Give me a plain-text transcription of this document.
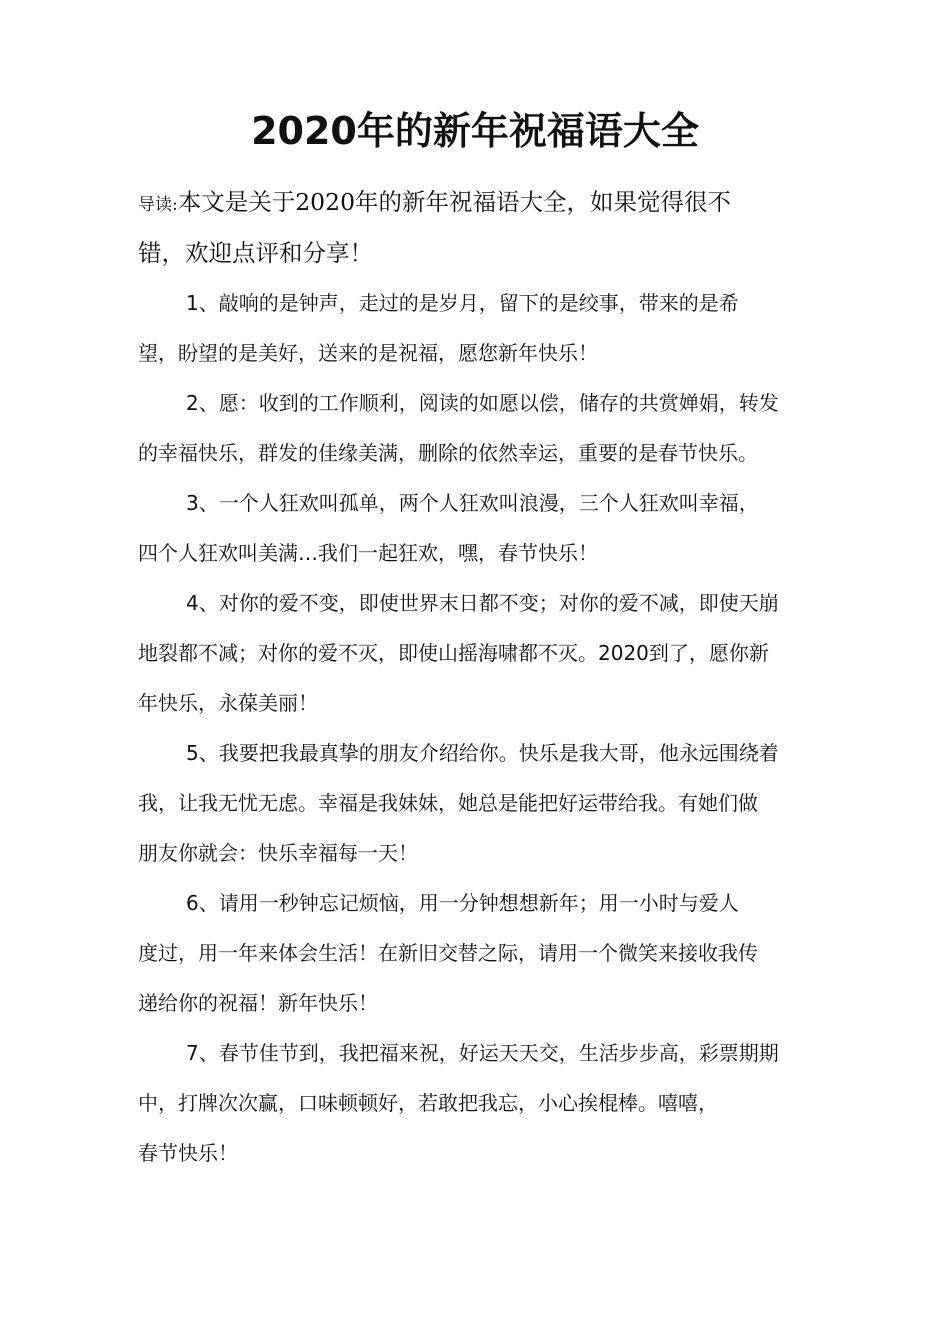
2020年的新年祝福语大全
导读:本文是关于2020年的新年祝福语大全，如果觉得很不
错，欢迎点评和分享！
1、敲响的是钟声，走过的是岁月，留下的是绞事，带来的是希
望，盼望的是美好，送来的是祝福，愿您新年快乐！
2、愿：收到的工作顺利，阅读的如愿以偿，储存的共赏婵娟，转发
的幸福快乐，群发的佳缘美满，删除的依然幸运，重要的是春节快乐。
3、一个人狂欢叫孤单，两个人狂欢叫浪漫，三个人狂欢叫幸福，
四个人狂欢叫美满…我们一起狂欢，嘿，春节快乐！
4、对你的爱不变，即使世界末日都不变；对你的爱不减，即使天崩
地裂都不减；对你的爱不灭，即使山摇海啸都不灭。2020到了，愿你新
年快乐，永葆美丽！
5、我要把我最真挚的朋友介绍给你。快乐是我大哥，他永远围绕着
我，让我无忧无虑。幸福是我妹妹，她总是能把好运带给我。有她们做
朋友你就会：快乐幸福每一天！
6、请用一秒钟忘记烦恼，用一分钟想想新年；用一小时与爱人
度过，用一年来体会生活！在新旧交替之际，请用一个微笑来接收我传
递给你的祝福！新年快乐！
7、春节佳节到，我把福来祝，好运天天交，生活步步高，彩票期期
中，打牌次次赢，口味顿顿好，若敢把我忘，小心挨棍棒。嘻嘻，
春节快乐！
